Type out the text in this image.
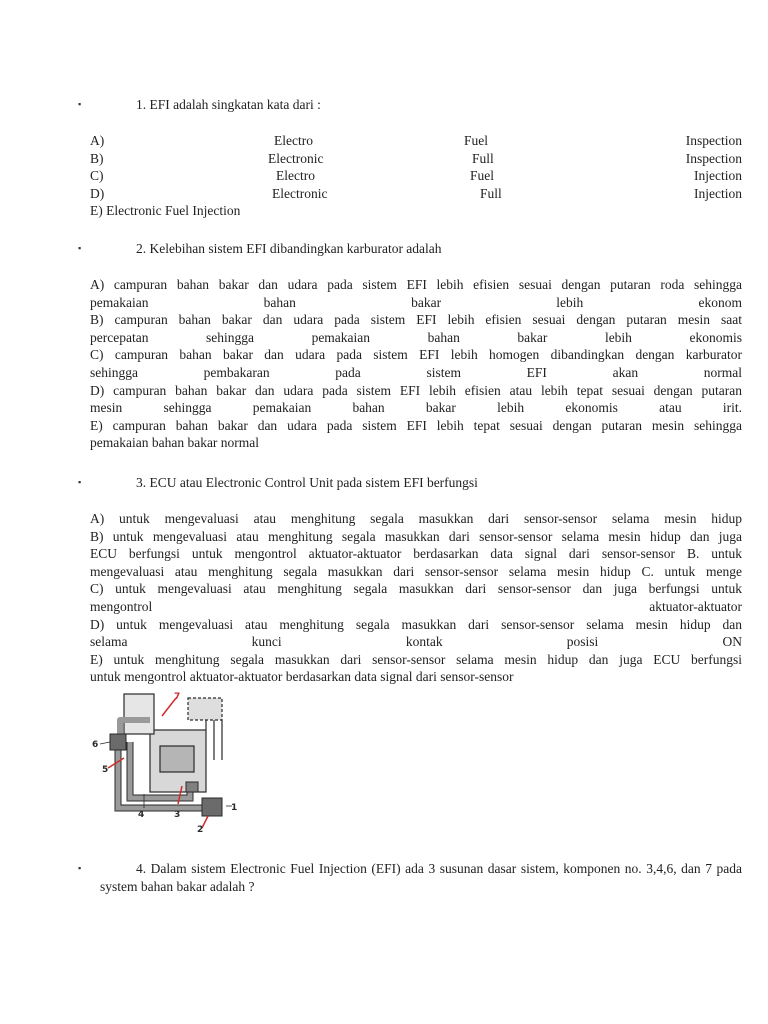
▪	1. EFI adalah singkatan kata dari :
A)	Electro	Fuel	Inspection
B)	Electronic	Full	Inspection
C)	Electro	Fuel	Injection
D)	Electronic	Full	Injection
E) Electronic Fuel Injection
▪	2. Kelebihan sistem EFI dibandingkan karburator adalah
A) campuran bahan bakar dan udara pada sistem EFI lebih efisien sesuai dengan putaran roda sehingga
pemakaian bahan bakar lebih ekonom
B) campuran bahan bakar dan udara pada sistem EFI lebih efisien sesuai dengan putaran mesin saat
percepatan sehingga pemakaian bahan bakar lebih ekonomis
C) campuran bahan bakar dan udara pada sistem EFI lebih homogen dibandingkan dengan karburator
sehingga pembakaran pada sistem EFI akan normal
D) campuran bahan bakar dan udara pada sistem EFI lebih efisien atau lebih tepat sesuai dengan putaran
mesin sehingga pemakaian bahan bakar lebih ekonomis atau irit.
E) campuran bahan bakar dan udara pada sistem EFI lebih tepat sesuai dengan putaran mesin sehingga
pemakaian bahan bakar normal
▪	3. ECU atau Electronic Control Unit pada sistem EFI berfungsi
A) untuk mengevaluasi atau menghitung segala masukkan dari sensor-sensor selama mesin hidup
B) untuk mengevaluasi atau menghitung segala masukkan dari sensor-sensor selama mesin hidup dan juga
ECU berfungsi untuk mengontrol aktuator-aktuator berdasarkan data signal dari sensor-sensor B. untuk
mengevaluasi atau menghitung segala masukkan dari sensor-sensor selama mesin hidup C. untuk menge
C) untuk mengevaluasi atau menghitung segala masukkan dari sensor-sensor dan juga berfungsi untuk
mengontrol aktuator-aktuator
D) untuk mengevaluasi atau menghitung segala masukkan dari sensor-sensor selama mesin hidup dan
selama kunci kontak posisi ON
E) untuk menghitung segala masukkan dari sensor-sensor selama mesin hidup dan juga ECU berfungsi
untuk mengontrol aktuator-aktuator berdasarkan data signal dari sensor-sensor
7
6
5
4	3
2
1
▪	4. Dalam sistem Electronic Fuel Injection (EFI) ada 3 susunan dasar sistem, komponen no. 3,4,6, dan 7 pada system bahan bakar adalah ?
